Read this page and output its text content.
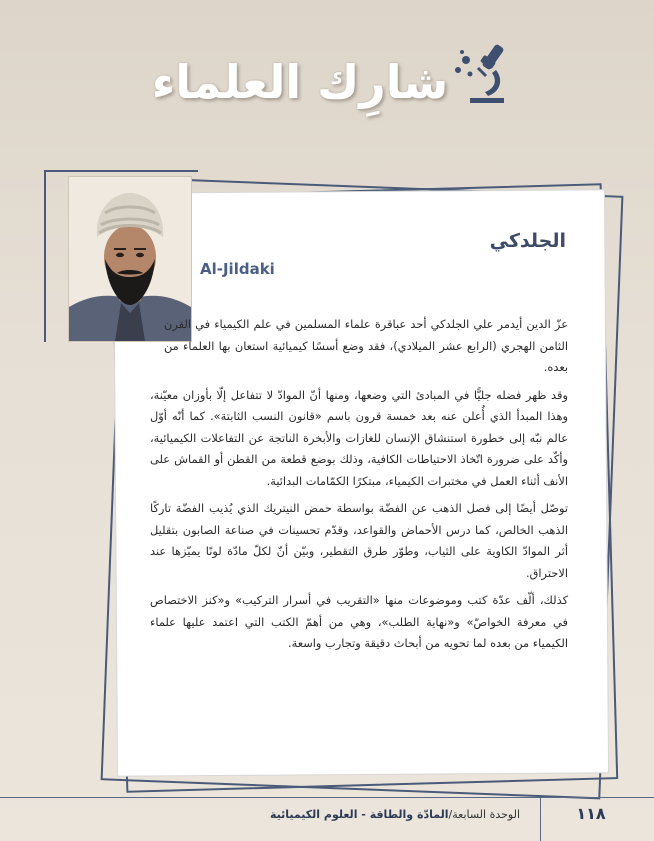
شارِك العلماء
الجلدكي
Al-Jildaki

عزّ الدين أيدمر علي الجلدكي أحد عباقرة علماء المسلمين في علم الكيمياء في القرن الثامن الهجري (الرابع عشر الميلادي)، فقد وضع أسسًا كيميائية استعان بها العلماء من بعده.

وقد ظهر فضله جليًّا في المبادئ التي وضعها، ومنها أنّ الموادّ لا تتفاعل إلّا بأوزان معيّنة، وهذا المبدأ الذي أُعلن عنه بعد خمسة قرون باسم «قانون النسب الثابتة». كما أنّه أوّل عالم نبّه إلى خطورة استنشاق الإنسان للغازات والأبخرة الناتجة عن التفاعلات الكيميائية، وأكّد على ضرورة اتّخاذ الاحتياطات الكافية، وذلك بوضع قطعة من القطن أو القماش على الأنف أثناء العمل في مختبرات الكيمياء، مبتكرًا الكمّامات البدائية.

توصّل أيضًا إلى فصل الذهب عن الفضّة بواسطة حمض النيتريك الذي يُذيب الفضّة تاركًا الذهب الخالص، كما درس الأحماض والقواعد، وقدّم تحسينات في صناعة الصابون بتقليل أثر الموادّ الكاوية على الثياب، وطوّر طرق التقطير، وبيّن أنّ لكلّ مادّة لونًا يميّزها عند الاحتراق.

كذلك، ألّف عدّة كتب وموضوعات منها «التقريب في أسرار التركيب» و«كنز الاختصاص في معرفة الخواصّ» و«نهاية الطلب»، وهي من أهمّ الكتب التي اعتمد عليها علماء الكيمياء من بعده لما تحويه من أبحاث دقيقة وتجارب واسعة.

الوحدة السابعة/المادّة والطاقة - العلوم الكيميائية	١١٨
